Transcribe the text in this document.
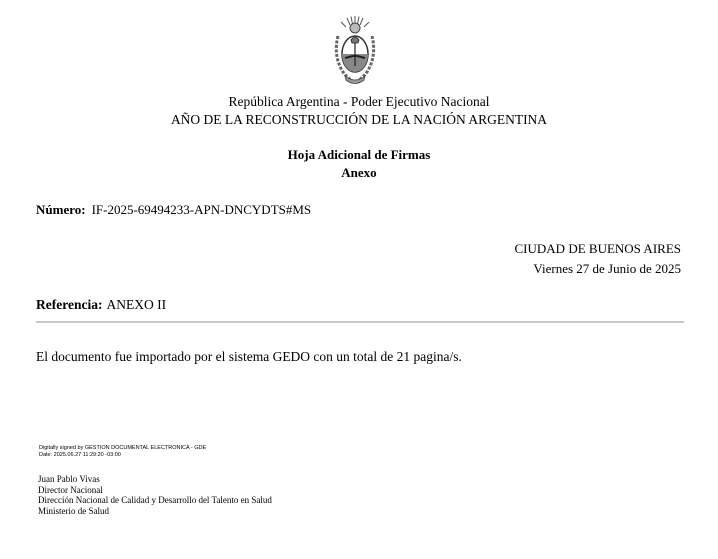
República Argentina - Poder Ejecutivo Nacional
AÑO DE LA RECONSTRUCCIÓN DE LA NACIÓN ARGENTINA
Hoja Adicional de Firmas
Anexo
Número: IF-2025-69494233-APN-DNCYDTS#MS
CIUDAD DE BUENOS AIRES
Viernes 27 de Junio de 2025
Referencia: ANEXO II
El documento fue importado por el sistema GEDO con un total de 21 pagina/s.
Digitally signed by GESTION DOCUMENTAL ELECTRONICA - GDE
Date: 2025.06.27 11:29:20 -03:00
Juan Pablo Vivas
Director Nacional
Dirección Nacional de Calidad y Desarrollo del Talento en Salud
Ministerio de Salud
